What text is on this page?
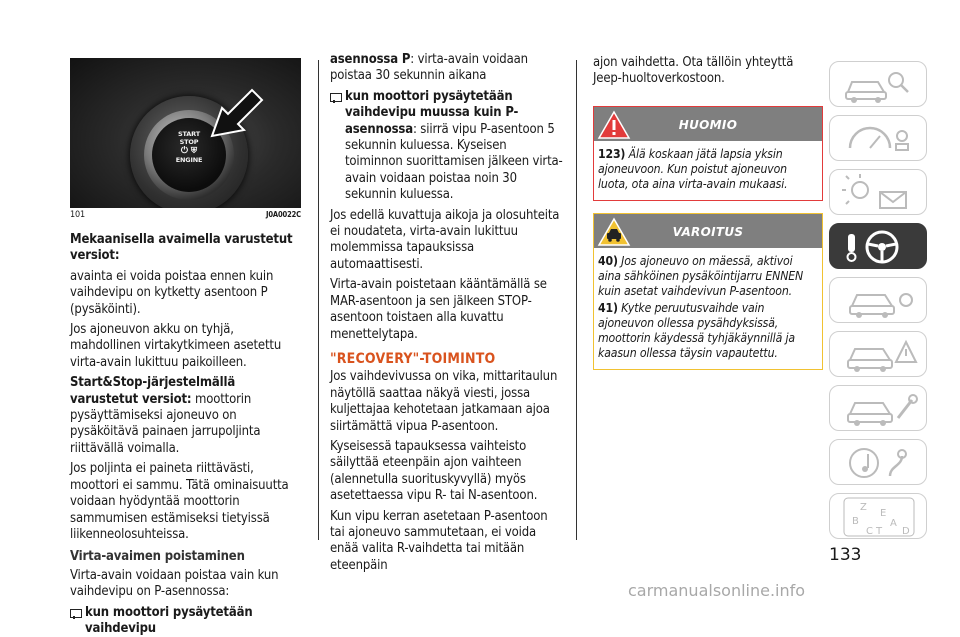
START
STOP
⏻ ⛨
ENGINE
101	J0A0022C

Mekaanisella avaimella varustetut versiot:

avainta ei voida poistaa ennen kuin vaihdevipu on kytketty asentoon P (pysäköinti).

Jos ajoneuvon akku on tyhjä, mahdollinen virtakytkimeen asetettu virta-avain lukittuu paikoilleen.

Start&Stop-järjestelmällä varustetut versiot: moottorin pysäyttämiseksi ajoneuvo on pysäköitävä painaen jarrupoljinta riittävällä voimalla.

Jos poljinta ei paineta riittävästi, moottori ei sammu. Tätä ominaisuutta voidaan hyödyntää moottorin sammumisen estämiseksi tietyissä liikenneolosuhteissa.

Virta-avaimen poistaminen

Virta-avain voidaan poistaa vain kun vaihdevipu on P-asennossa:

kun moottori pysäytetään vaihdevipu

asennossa P: virta-avain voidaan poistaa 30 sekunnin aikana

kun moottori pysäytetään vaihdevipu muussa kuin P-asennossa: siirrä vipu P-asentoon 5 sekunnin kuluessa. Kyseisen toiminnon suorittamisen jälkeen virta-avain voidaan poistaa noin 30 sekunnin kuluessa.

Jos edellä kuvattuja aikoja ja olosuhteita ei noudateta, virta-avain lukittuu molemmissa tapauksissa automaattisesti.

Virta-avain poistetaan kääntämällä se MAR-asentoon ja sen jälkeen STOP-asentoon toistaen alla kuvattu menettelytapa.

"RECOVERY"-TOIMINTO

Jos vaihdevivussa on vika, mittaritaulun näytöllä saattaa näkyä viesti, jossa kuljettajaa kehotetaan jatkamaan ajoa siirtämättä vipua P-asentoon.

Kyseisessä tapauksessa vaihteisto säilyttää eteenpäin ajon vaihteen (alennetulla suorituskyvyllä) myös asetettaessa vipu R- tai N-asentoon.

Kun vipu kerran asetetaan P-asentoon tai ajoneuvo sammutetaan, ei voida enää valita R-vaihdetta tai mitään eteenpäin

ajon vaihdetta. Ota tällöin yhteyttä Jeep-huoltoverkostoon.

HUOMIO

123) Älä koskaan jätä lapsia yksin ajoneuvoon. Kun poistut ajoneuvon luota, ota aina virta-avain mukaasi.

VAROITUS

40) Jos ajoneuvo on mäessä, aktivoi aina sähköinen pysäköintijarru ENNEN kuin asetat vaihdevivun P-asentoon.

41) Kytke peruutusvaihde vain ajoneuvon ollessa pysähdyksissä, moottorin käydessä tyhjäkäynnillä ja kaasun ollessa täysin vapautettu.

Z
B
E
A
C T D
133
carmanualsonline.info
